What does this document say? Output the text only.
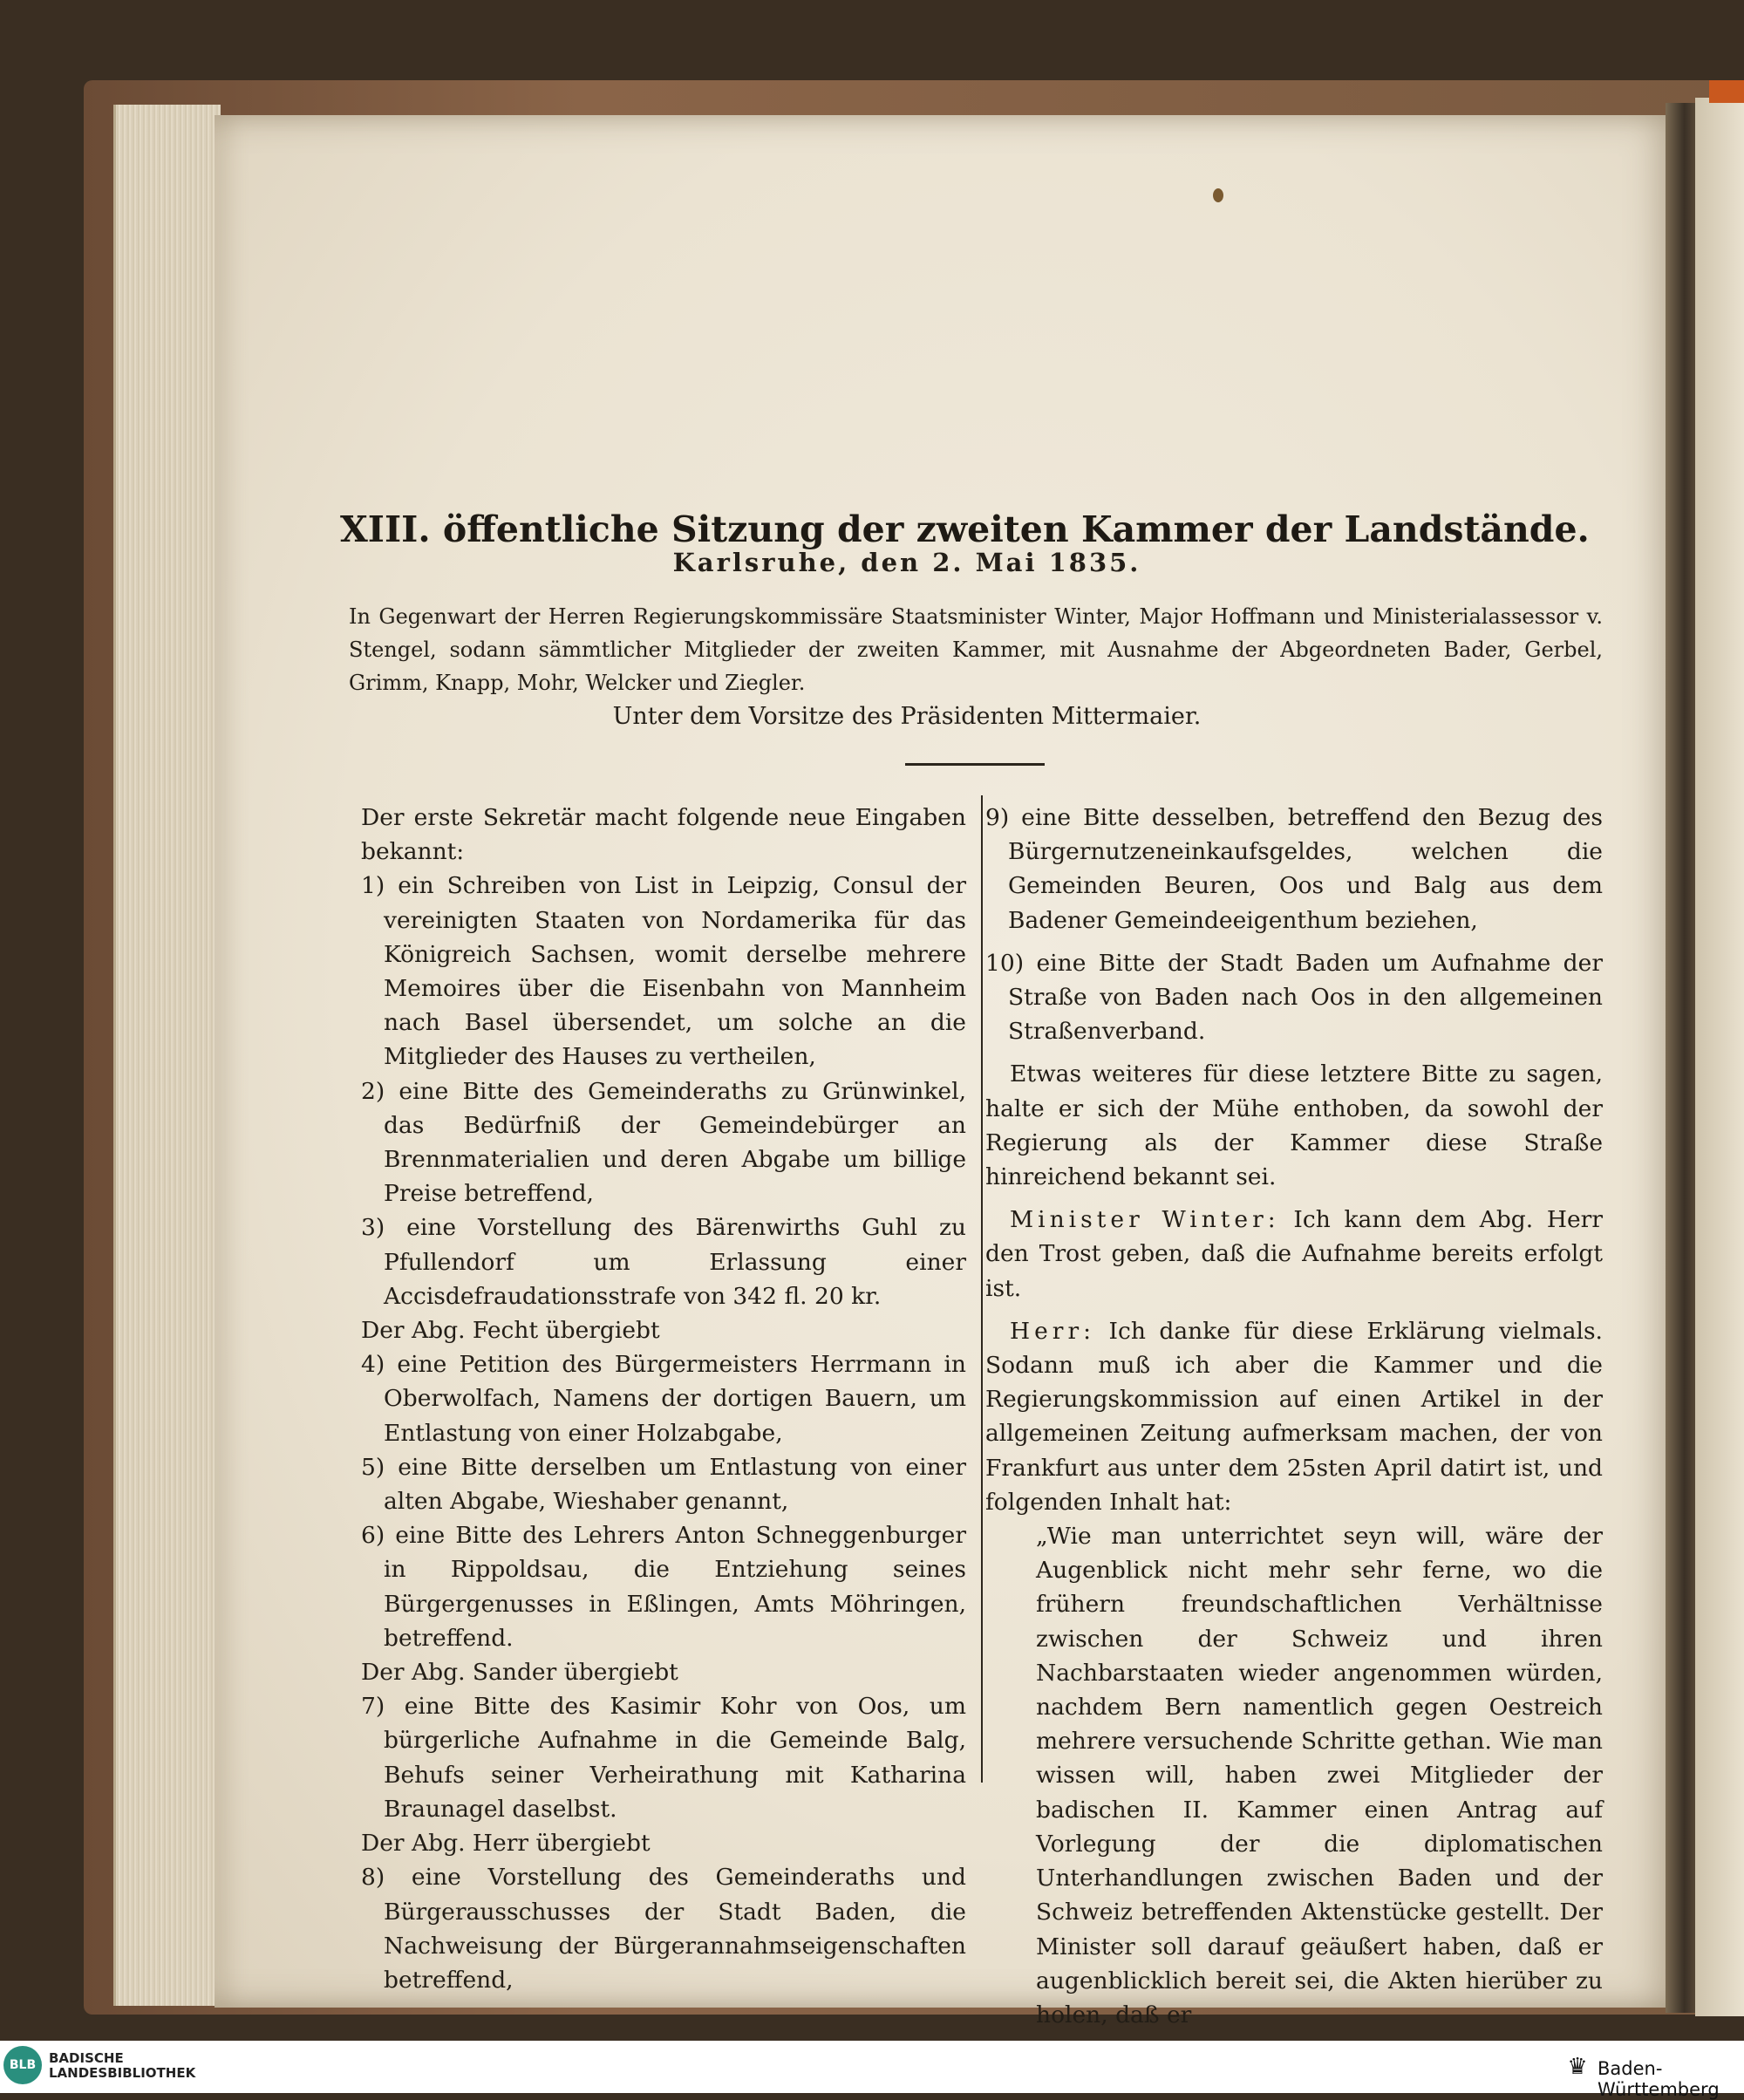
XIII. öffentliche Sitzung der zweiten Kammer der Landstände.
Karlsruhe, den 2. Mai 1835.
In Gegenwart der Herren Regierungskommissäre Staatsminister Winter, Major Hoffmann und Ministerialassessor v. Stengel, sodann sämmtlicher Mitglieder der zweiten Kammer, mit Ausnahme der Abgeordneten Bader, Gerbel, Grimm, Knapp, Mohr, Welcker und Ziegler.
Unter dem Vorsitze des Präsidenten Mittermaier.

Der erste Sekretär macht folgende neue Eingaben bekannt:

1) ein Schreiben von List in Leipzig, Consul der vereinigten Staaten von Nordamerika für das Königreich Sachsen, womit derselbe mehrere Memoires über die Eisenbahn von Mannheim nach Basel übersendet, um solche an die Mitglieder des Hauses zu vertheilen,

2) eine Bitte des Gemeinderaths zu Grünwinkel, das Bedürfniß der Gemeindebürger an Brennmaterialien und deren Abgabe um billige Preise betreffend,

3) eine Vorstellung des Bärenwirths Guhl zu Pfullendorf um Erlassung einer Accisdefraudationsstrafe von 342 fl. 20 kr.

Der Abg. Fecht übergiebt

4) eine Petition des Bürgermeisters Herrmann in Oberwolfach, Namens der dortigen Bauern, um Entlastung von einer Holzabgabe,

5) eine Bitte derselben um Entlastung von einer alten Abgabe, Wieshaber genannt,

6) eine Bitte des Lehrers Anton Schneggenburger in Rippoldsau, die Entziehung seines Bürgergenusses in Eßlingen, Amts Möhringen, betreffend.

Der Abg. Sander übergiebt

7) eine Bitte des Kasimir Kohr von Oos, um bürgerliche Aufnahme in die Gemeinde Balg, Behufs seiner Verheirathung mit Katharina Braunagel daselbst.

Der Abg. Herr übergiebt

8) eine Vorstellung des Gemeinderaths und Bürgerausschusses der Stadt Baden, die Nachweisung der Bürgerannahmseigenschaften betreffend,

9) eine Bitte desselben, betreffend den Bezug des Bürgernutzeneinkaufsgeldes, welchen die Gemeinden Beuren, Oos und Balg aus dem Badener Gemeindeeigenthum beziehen,

10) eine Bitte der Stadt Baden um Aufnahme der Straße von Baden nach Oos in den allgemeinen Straßenverband.

Etwas weiteres für diese letztere Bitte zu sagen, halte er sich der Mühe enthoben, da sowohl der Regierung als der Kammer diese Straße hinreichend bekannt sei.

Minister Winter: Ich kann dem Abg. Herr den Trost geben, daß die Aufnahme bereits erfolgt ist.

Herr: Ich danke für diese Erklärung vielmals. Sodann muß ich aber die Kammer und die Regierungskommission auf einen Artikel in der allgemeinen Zeitung aufmerksam machen, der von Frankfurt aus unter dem 25sten April datirt ist, und folgenden Inhalt hat:

„Wie man unterrichtet seyn will, wäre der Augenblick nicht mehr sehr ferne, wo die frühern freundschaftlichen Verhältnisse zwischen der Schweiz und ihren Nachbarstaaten wieder angenommen würden, nachdem Bern namentlich gegen Oestreich mehrere versuchende Schritte gethan. Wie man wissen will, haben zwei Mitglieder der badischen II. Kammer einen Antrag auf Vorlegung der die diplomatischen Unterhandlungen zwischen Baden und der Schweiz betreffenden Aktenstücke gestellt. Der Minister soll darauf geäußert haben, daß er augenblicklich bereit sei, die Akten hierüber zu holen, daß er

BLB BADISCHE
LANDESBIBLIOTHEK	♛ Baden-Württemberg
